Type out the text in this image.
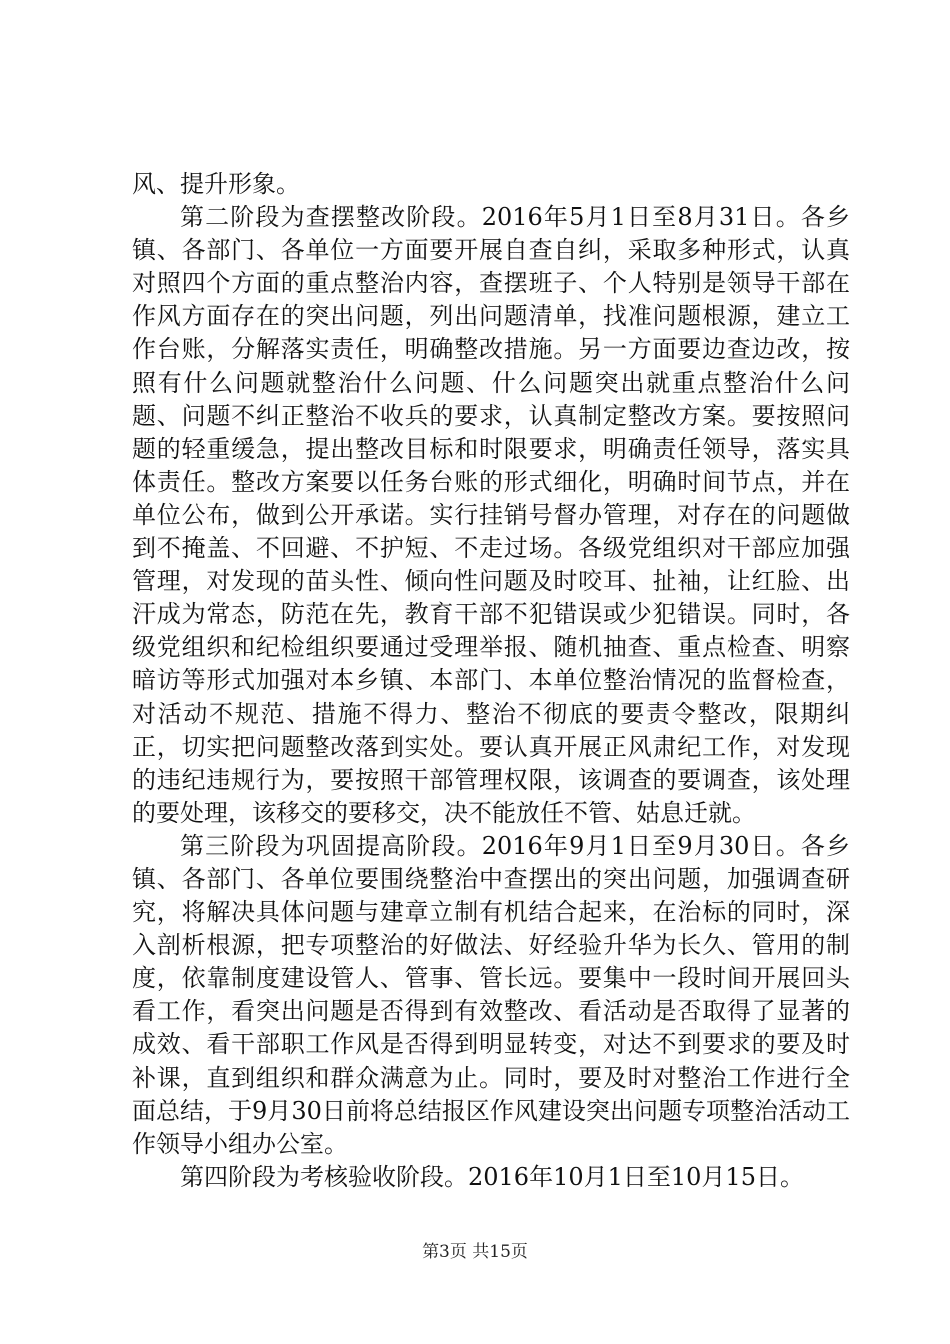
风、提升形象。

第二阶段为查摆整改阶段。2016年5月1日至8月31日。各乡镇、各部门、各单位一方面要开展自查自纠，采取多种形式，认真对照四个方面的重点整治内容，查摆班子、个人特别是领导干部在作风方面存在的突出问题，列出问题清单，找准问题根源，建立工作台账，分解落实责任，明确整改措施。另一方面要边查边改，按照有什么问题就整治什么问题、什么问题突出就重点整治什么问题、问题不纠正整治不收兵的要求，认真制定整改方案。要按照问题的轻重缓急，提出整改目标和时限要求，明确责任领导，落实具体责任。整改方案要以任务台账的形式细化，明确时间节点，并在单位公布，做到公开承诺。实行挂销号督办管理，对存在的问题做到不掩盖、不回避、不护短、不走过场。各级党组织对干部应加强管理，对发现的苗头性、倾向性问题及时咬耳、扯袖，让红脸、出汗成为常态，防范在先，教育干部不犯错误或少犯错误。同时，各级党组织和纪检组织要通过受理举报、随机抽查、重点检查、明察暗访等形式加强对本乡镇、本部门、本单位整治情况的监督检查，对活动不规范、措施不得力、整治不彻底的要责令整改，限期纠正，切实把问题整改落到实处。要认真开展正风肃纪工作，对发现的违纪违规行为，要按照干部管理权限，该调查的要调查，该处理的要处理，该移交的要移交，决不能放任不管、姑息迁就。

第三阶段为巩固提高阶段。2016年9月1日至9月30日。各乡镇、各部门、各单位要围绕整治中查摆出的突出问题，加强调查研究，将解决具体问题与建章立制有机结合起来，在治标的同时，深入剖析根源，把专项整治的好做法、好经验升华为长久、管用的制度，依靠制度建设管人、管事、管长远。要集中一段时间开展回头看工作，看突出问题是否得到有效整改、看活动是否取得了显著的成效、看干部职工作风是否得到明显转变，对达不到要求的要及时补课，直到组织和群众满意为止。同时，要及时对整治工作进行全面总结，于9月30日前将总结报区作风建设突出问题专项整治活动工作领导小组办公室。

第四阶段为考核验收阶段。2016年10月1日至10月15日。

第3页 共15页
